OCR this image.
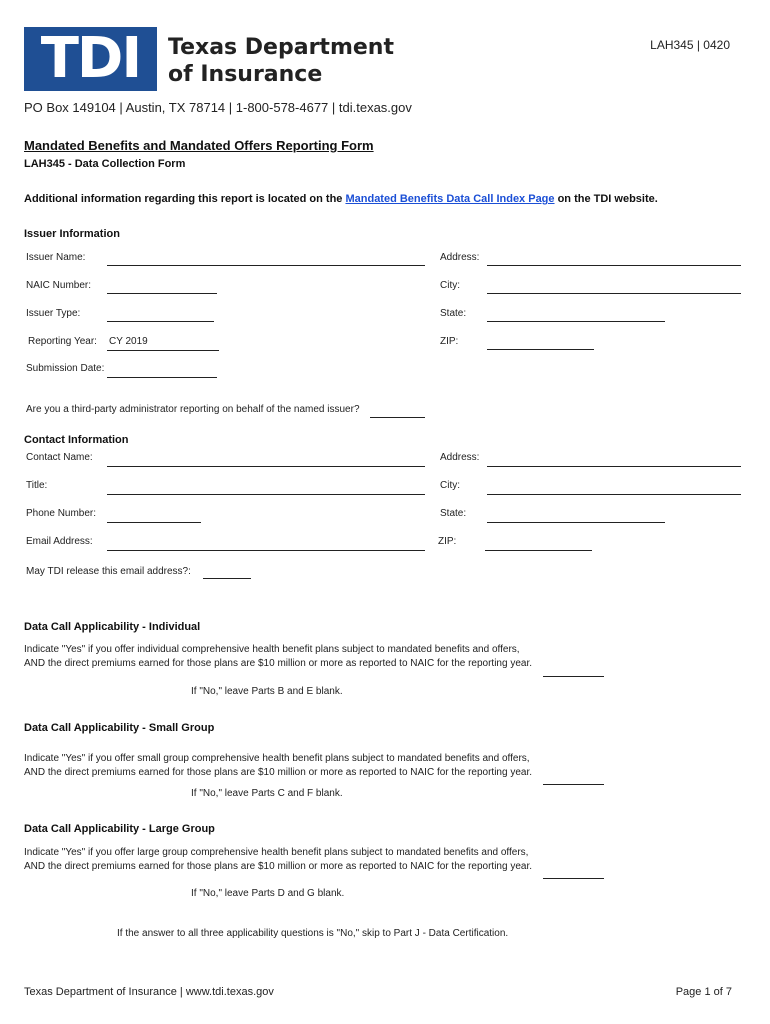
TDI	Texas Department
of Insurance
LAH345 | 0420
PO Box 149104 | Austin, TX 78714 | 1-800-578-4677 | tdi.texas.gov
Mandated Benefits and Mandated Offers Reporting Form
LAH345 - Data Collection Form
Additional information regarding this report is located on the Mandated Benefits Data Call Index Page on the TDI website.
Issuer Information
Issuer Name:	Address:
NAIC Number:	City:
Issuer Type:	State:
Reporting Year: CY 2019	ZIP:
Submission Date:
Are you a third-party administrator reporting on behalf of the named issuer?
Contact Information
Contact Name:	Address:
Title:	City:
Phone Number:	State:
Email Address:	ZIP:
May TDI release this email address?:
Data Call Applicability - Individual
Indicate "Yes" if you offer individual comprehensive health benefit plans subject to mandated benefits and offers,
AND the direct premiums earned for those plans are $10 million or more as reported to NAIC for the reporting year.
If "No," leave Parts B and E blank.
Data Call Applicability - Small Group
Indicate "Yes" if you offer small group comprehensive health benefit plans subject to mandated benefits and offers,
AND the direct premiums earned for those plans are $10 million or more as reported to NAIC for the reporting year.
If "No," leave Parts C and F blank.
Data Call Applicability - Large Group
Indicate "Yes" if you offer large group comprehensive health benefit plans subject to mandated benefits and offers,
AND the direct premiums earned for those plans are $10 million or more as reported to NAIC for the reporting year.
If "No," leave Parts D and G blank.
If the answer to all three applicability questions is "No," skip to Part J - Data Certification.
Texas Department of Insurance | www.tdi.texas.gov	Page 1 of 7
